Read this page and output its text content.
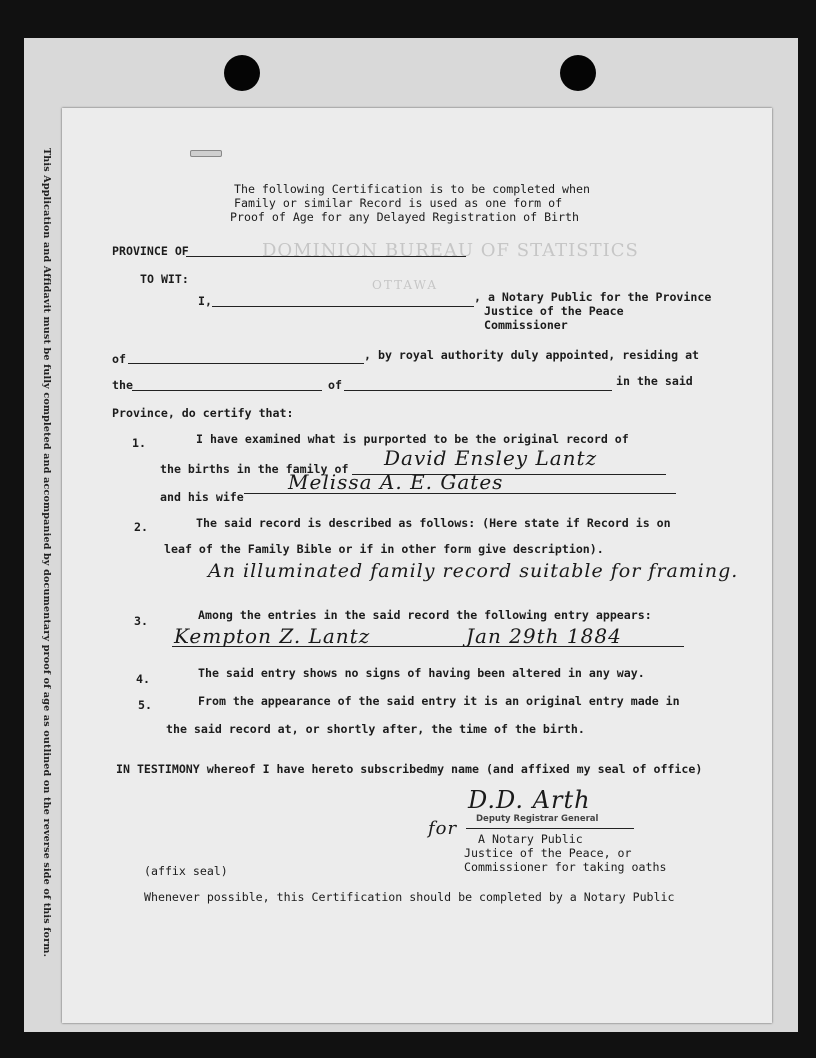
This Application and Affidavit must be fully completed and accompanied by documentary proof of age as outlined on the reverse side of this form.	DOMINION BUREAU OF STATISTICS
OTTAWA
The following Certification is to be completed when
Family or similar Record is used as one form of
Proof of Age for any Delayed Registration of Birth
PROVINCE OF
TO WIT:
I,	, a Notary Public for the Province
Justice of the Peace
Commissioner
of	, by royal authority duly appointed, residing at
the	of	in the said
Province, do certify that:
1.	I have examined what is purported to be the original record of
the births in the family of David Ensley Lantz
and his wife
Melissa A. E. Gates
2.	The said record is described as follows: (Here state if Record is on
leaf of the Family Bible or if in other form give description).
An illuminated family record suitable for framing.
3.	Among the entries in the said record the following entry appears:
Kempton Z. Lantz	Jan 29th 1884
4.	The said entry shows no signs of having been altered in any way.
5.	From the appearance of the said entry it is an original entry made in
the said record at, or shortly after, the time of the birth.
IN TESTIMONY whereof I have hereto subscribedmy name (and affixed my seal of office)
D.D. Arth
for Deputy Registrar General
A Notary Public
Justice of the Peace, or
Commissioner for taking oaths
(affix seal)
Whenever possible, this Certification should be completed by a Notary Public
